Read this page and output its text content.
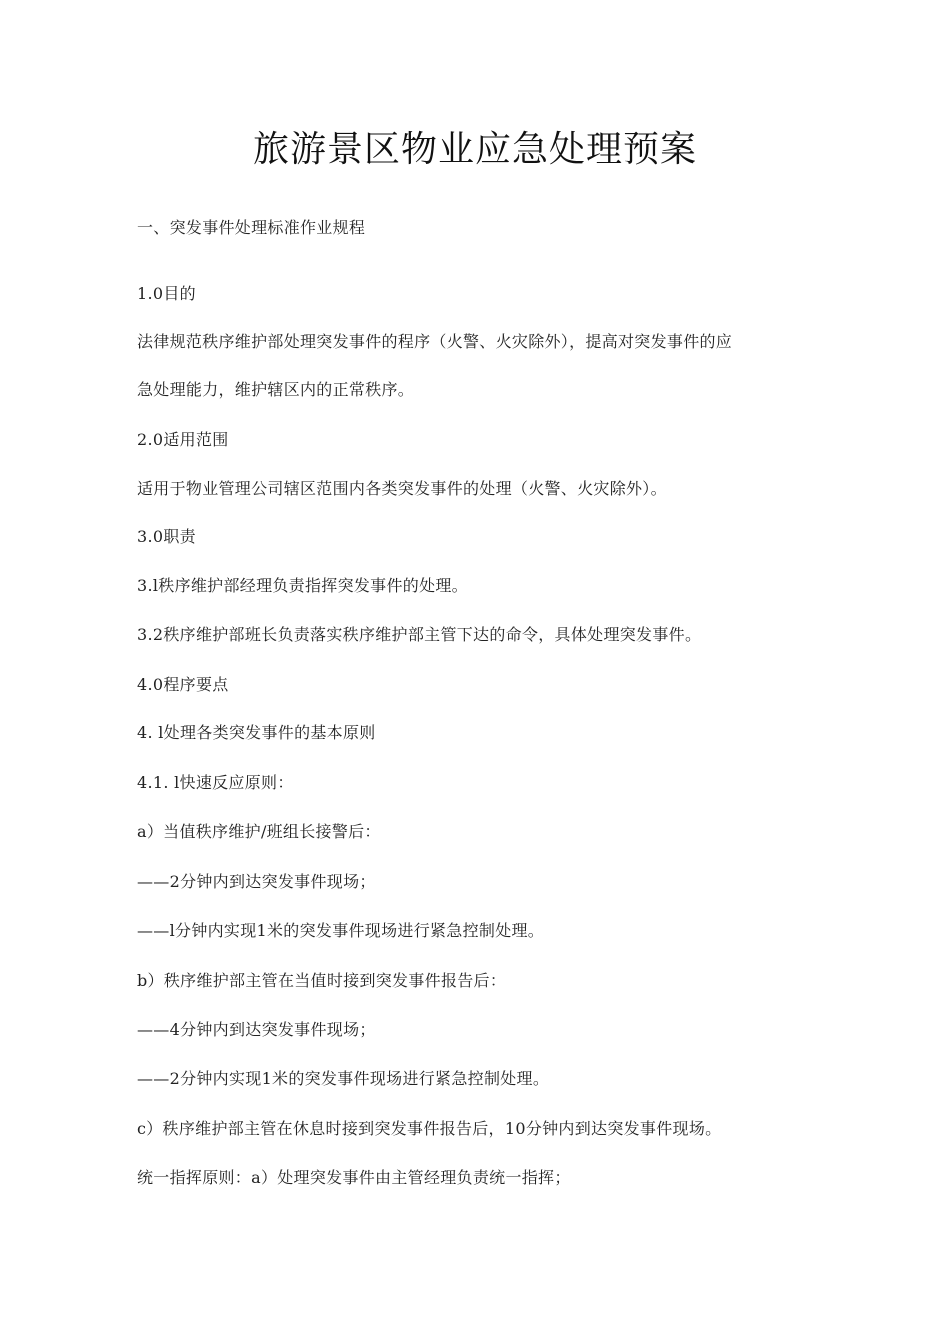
旅游景区物业应急处理预案
一、突发事件处理标准作业规程
1.0目的
法律规范秩序维护部处理突发事件的程序（火警、火灾除外），提高对突发事件的应
急处理能力，维护辖区内的正常秩序。
2.0适用范围
适用于物业管理公司辖区范围内各类突发事件的处理（火警、火灾除外）。
3.0职责
3.l秩序维护部经理负责指挥突发事件的处理。
3.2秩序维护部班长负责落实秩序维护部主管下达的命令，具体处理突发事件。
4.0程序要点
4. l处理各类突发事件的基本原则
4.1. l快速反应原则：
a）当值秩序维护/班组长接警后：
——2分钟内到达突发事件现场；
——l分钟内实现1米的突发事件现场进行紧急控制处理。
b）秩序维护部主管在当值时接到突发事件报告后：
——4分钟内到达突发事件现场；
——2分钟内实现1米的突发事件现场进行紧急控制处理。
c）秩序维护部主管在休息时接到突发事件报告后，10分钟内到达突发事件现场。
统一指挥原则：a）处理突发事件由主管经理负责统一指挥；
